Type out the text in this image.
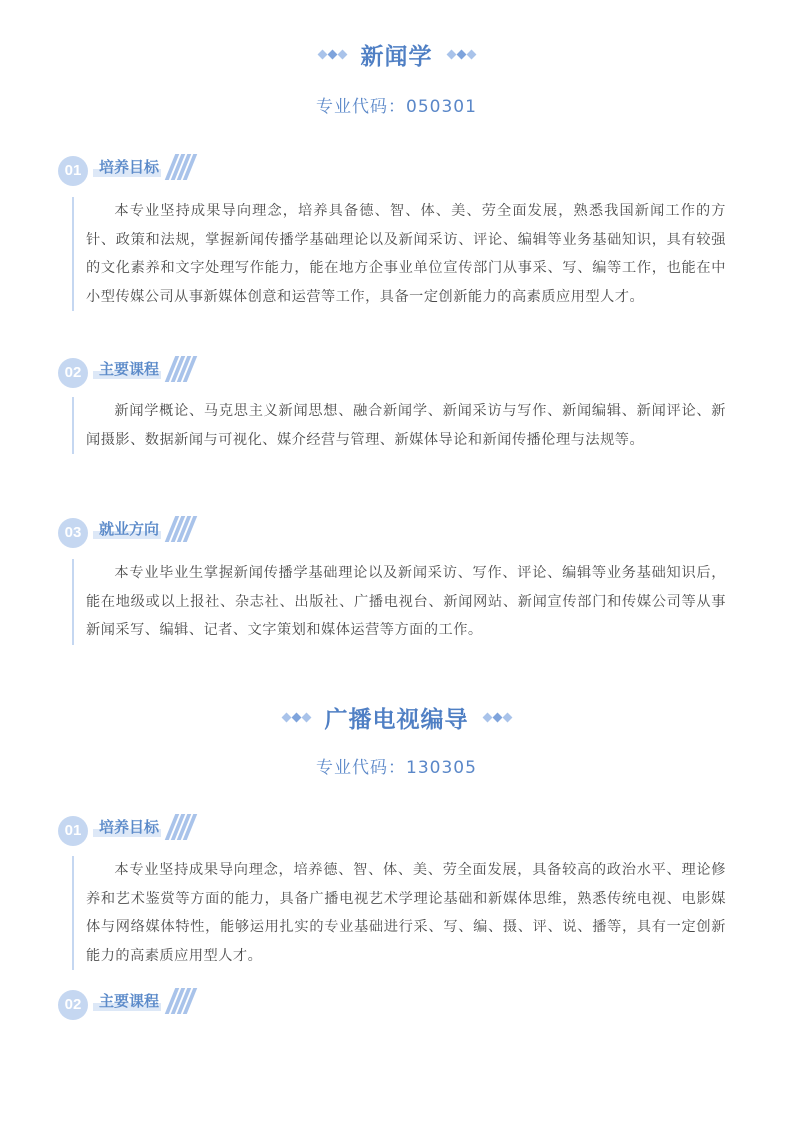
新闻学
专业代码：050301
01	培养目标

本专业坚持成果导向理念，培养具备德、智、体、美、劳全面发展，熟悉我国新闻工作的方针、政策和法规，掌握新闻传播学基础理论以及新闻采访、评论、编辑等业务基础知识，具有较强的文化素养和文字处理写作能力，能在地方企事业单位宣传部门从事采、写、编等工作，也能在中小型传媒公司从事新媒体创意和运营等工作，具备一定创新能力的高素质应用型人才。

02	主要课程

新闻学概论、马克思主义新闻思想、融合新闻学、新闻采访与写作、新闻编辑、新闻评论、新闻摄影、数据新闻与可视化、媒介经营与管理、新媒体导论和新闻传播伦理与法规等。

03	就业方向

本专业毕业生掌握新闻传播学基础理论以及新闻采访、写作、评论、编辑等业务基础知识后，能在地级或以上报社、杂志社、出版社、广播电视台、新闻网站、新闻宣传部门和传媒公司等从事新闻采写、编辑、记者、文字策划和媒体运营等方面的工作。

广播电视编导
专业代码：130305
01	培养目标

本专业坚持成果导向理念，培养德、智、体、美、劳全面发展，具备较高的政治水平、理论修养和艺术鉴赏等方面的能力，具备广播电视艺术学理论基础和新媒体思维，熟悉传统电视、电影媒体与网络媒体特性，能够运用扎实的专业基础进行采、写、编、摄、评、说、播等，具有一定创新能力的高素质应用型人才。

02	主要课程
